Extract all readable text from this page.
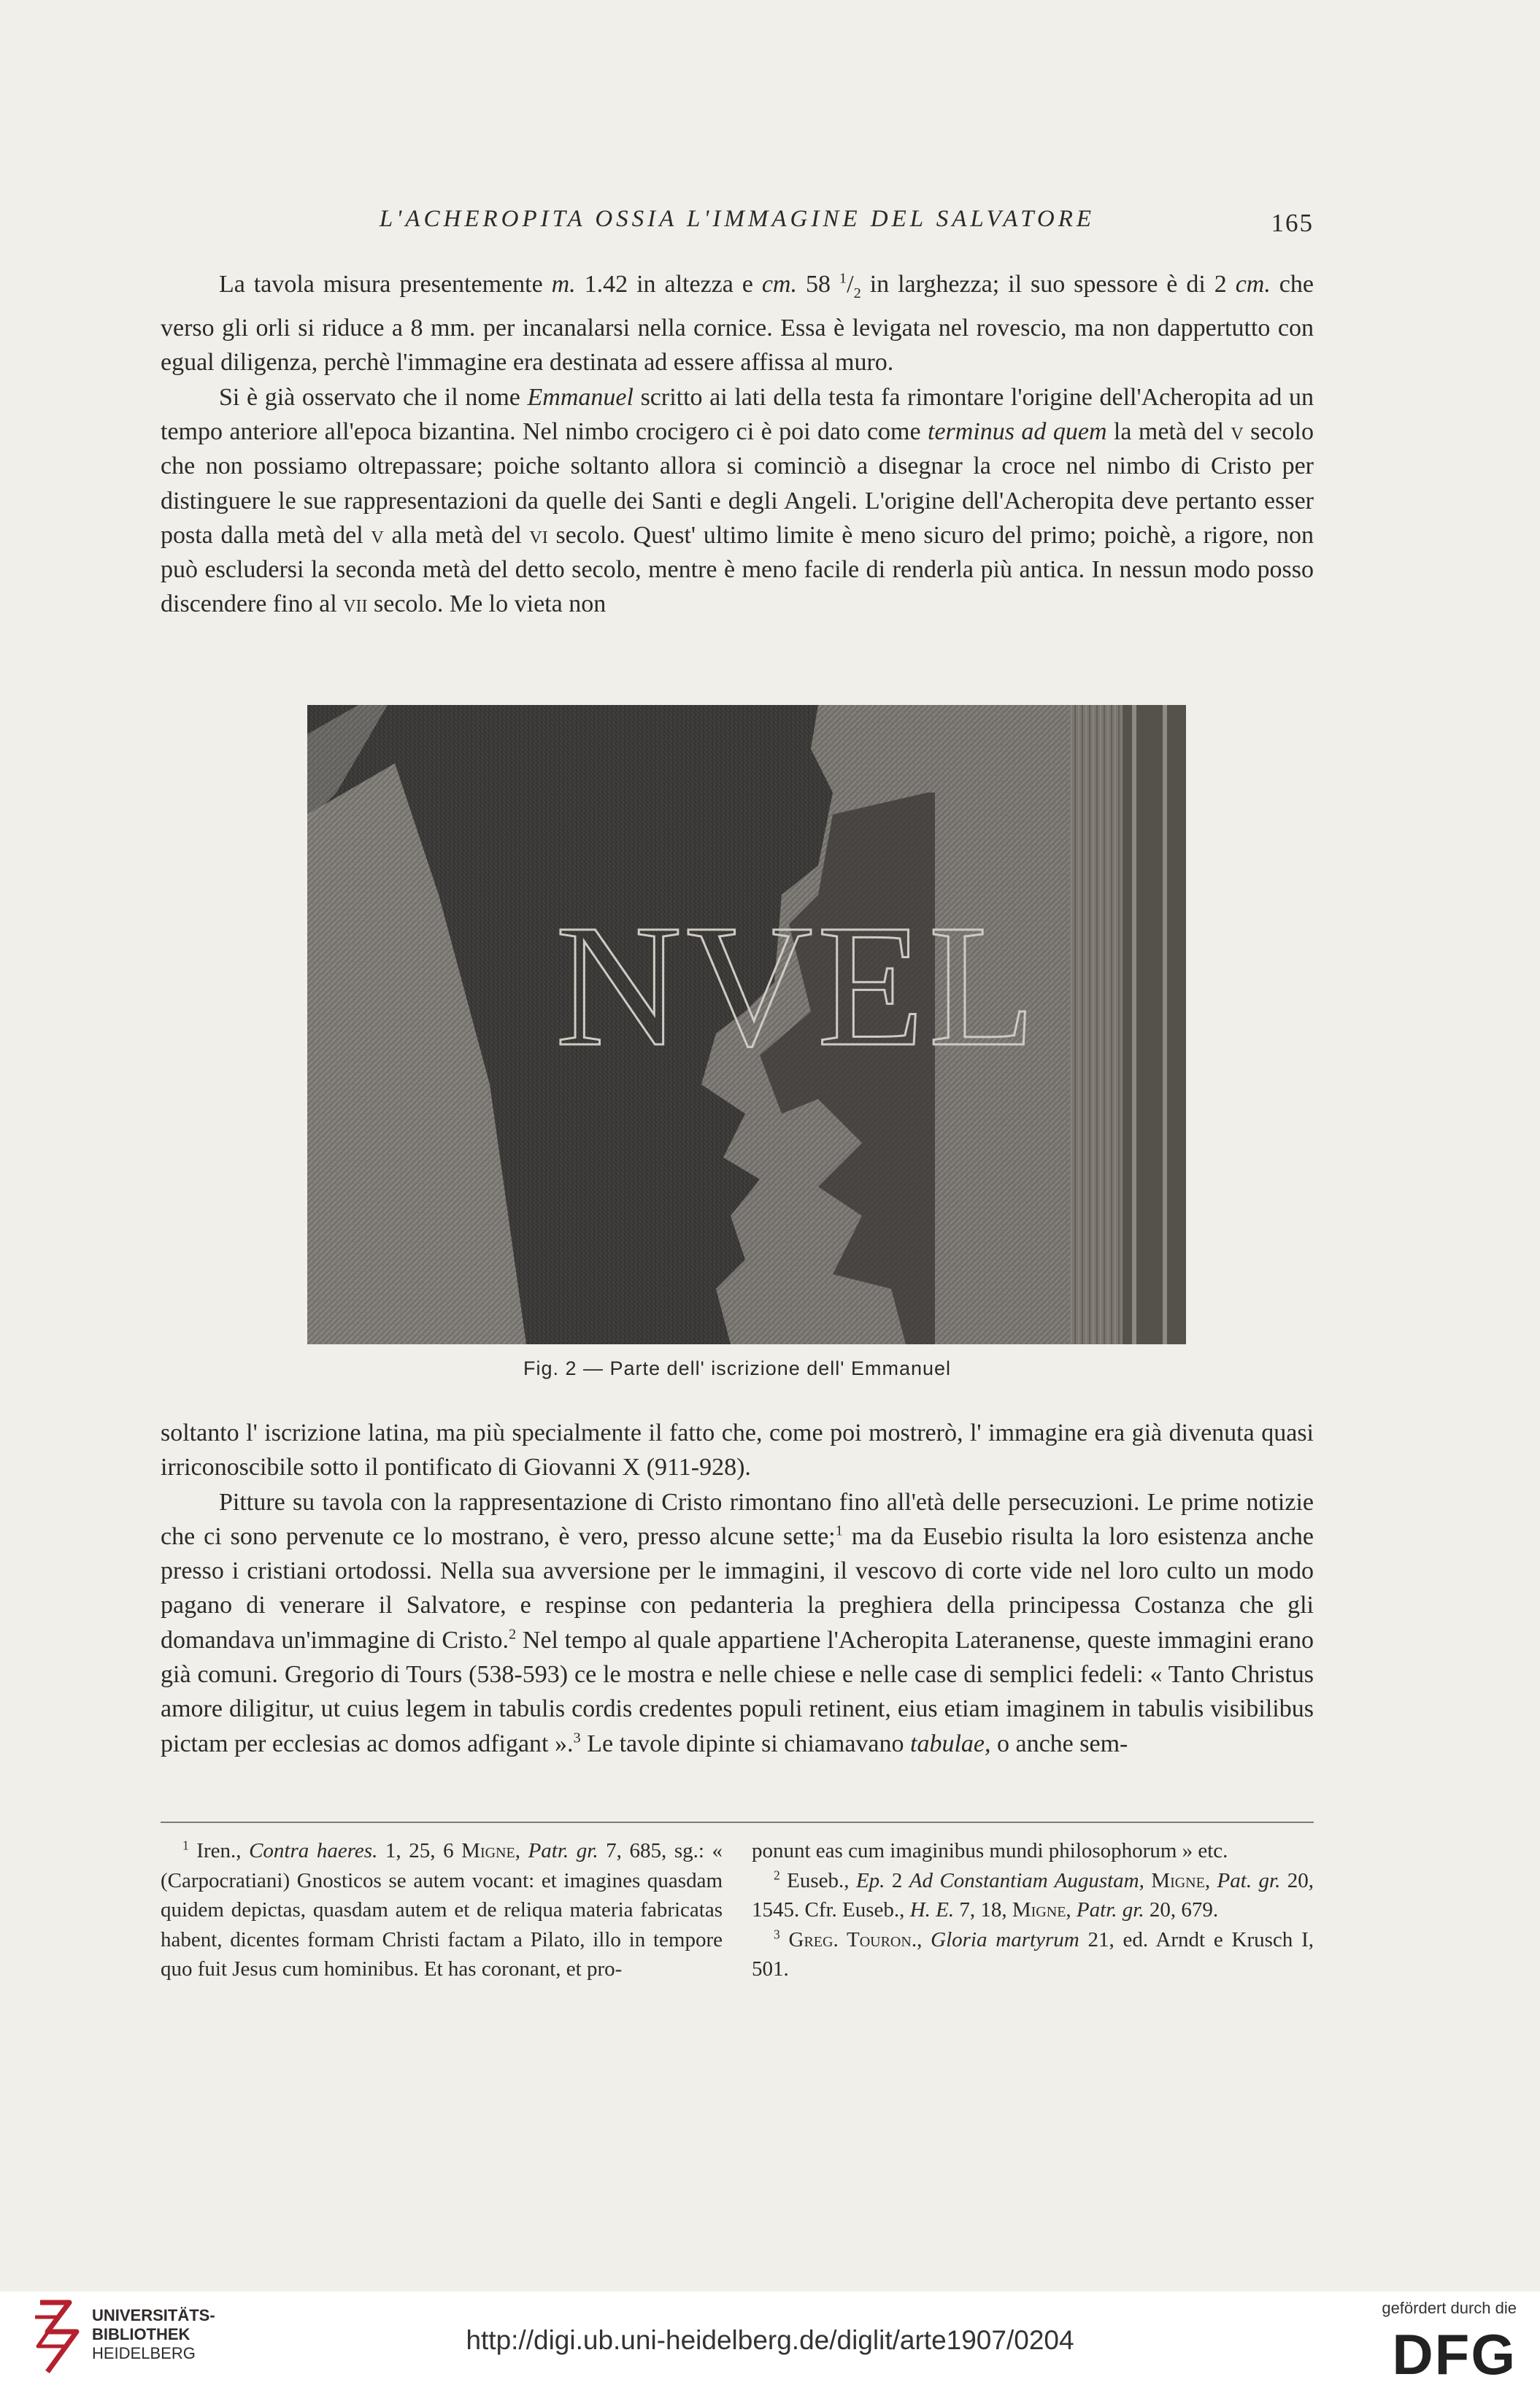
L'ACHEROPITA OSSIA L'IMMAGINE DEL SALVATORE	165

La tavola misura presentemente m. 1.42 in altezza e cm. 58 $^1/_2$ in larghezza; il suo spessore è di 2 cm. che verso gli orli si riduce a 8 mm. per incanalarsi nella cornice. Essa è levigata nel rovescio, ma non dappertutto con egual diligenza, perchè l'immagine era destinata ad essere affissa al muro.

Si è già osservato che il nome Emmanuel scritto ai lati della testa fa rimontare l'origine dell'Acheropita ad un tempo anteriore all'epoca bizantina. Nel nimbo crocigero ci è poi dato come terminus ad quem la metà del v secolo che non possiamo oltrepassare; poiche soltanto allora si cominciò a disegnar la croce nel nimbo di Cristo per distinguere le sue rappresentazioni da quelle dei Santi e degli Angeli. L'origine dell'Acheropita deve pertanto esser posta dalla metà del v alla metà del vi secolo. Quest' ultimo limite è meno sicuro del primo; poichè, a rigore, non può escludersi la seconda metà del detto secolo, mentre è meno facile di renderla più antica. In nessun modo posso discendere fino al vii secolo. Me lo vieta non

NVEL
Fig. 2 — Parte dell' iscrizione dell' Emmanuel

soltanto l' iscrizione latina, ma più specialmente il fatto che, come poi mostrerò, l' immagine era già divenuta quasi irriconoscibile sotto il pontificato di Giovanni X (911-928).

Pitture su tavola con la rappresentazione di Cristo rimontano fino all'età delle persecuzioni. Le prime notizie che ci sono pervenute ce lo mostrano, è vero, presso alcune sette;$^1$ ma da Eusebio risulta la loro esistenza anche presso i cristiani ortodossi. Nella sua avversione per le immagini, il vescovo di corte vide nel loro culto un modo pagano di venerare il Salvatore, e respinse con pedanteria la preghiera della principessa Costanza che gli domandava un'immagine di Cristo.$^2$ Nel tempo al quale appartiene l'Acheropita Lateranense, queste immagini erano già comuni. Gregorio di Tours (538-593) ce le mostra e nelle chiese e nelle case di semplici fedeli: « Tanto Christus amore diligitur, ut cuius legem in tabulis cordis credentes populi retinent, eius etiam imaginem in tabulis visibilibus pictam per ecclesias ac domos adfigant ».$^3$ Le tavole dipinte si chiamavano tabulae, o anche sem-

$^1$ Iren., Contra haeres. 1, 25, 6 Migne, Patr. gr. 7, 685, sg.: « (Carpocratiani) Gnosticos se autem vocant: et imagines quasdam quidem depictas, quasdam autem et de reliqua materia fabricatas habent, dicentes formam Christi factam a Pilato, illo in tempore quo fuit Jesus cum hominibus. Et has coronant, et pro-

ponunt eas cum imaginibus mundi philosophorum » etc.

$^2$ Euseb., Ep. 2 Ad Constantiam Augustam, Migne, Pat. gr. 20, 1545. Cfr. Euseb., H. E. 7, 18, Migne, Patr. gr. 20, 679.

$^3$ Greg. Touron., Gloria martyrum 21, ed. Arndt e Krusch I, 501.

UNIVERSITÄTS-
BIBLIOTHEK
HEIDELBERG	http://digi.ub.uni-heidelberg.de/diglit/arte1907/0204
gefördert durch die
DFG
